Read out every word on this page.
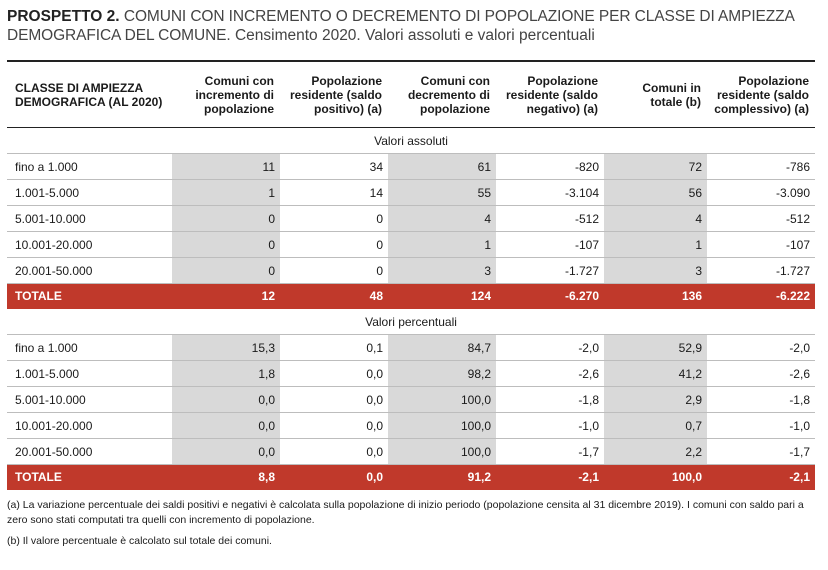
PROSPETTO 2. COMUNI CON INCREMENTO O DECREMENTO DI POPOLAZIONE PER CLASSE DI AMPIEZZA DEMOGRAFICA DEL COMUNE. Censimento 2020. Valori assoluti e valori percentuali
CLASSE DI AMPIEZZA DEMOGRAFICA (AL 2020)	Comuni con incremento di popolazione	Popolazione residente (saldo positivo) (a)	Comuni con decremento di popolazione	Popolazione residente (saldo negativo) (a)	Comuni in totale (b)	Popolazione residente (saldo complessivo) (a)
Valori assoluti						
fino a 1.000	11	34	61	-820	72	-786
1.001-5.000	1	14	55	-3.104	56	-3.090
5.001-10.000	0	0	4	-512	4	-512
10.001-20.000	0	0	1	-107	1	-107
20.001-50.000	0	0	3	-1.727	3	-1.727
TOTALE	12	48	124	-6.270	136	-6.222
Valori percentuali						
fino a 1.000	15,3	0,1	84,7	-2,0	52,9	-2,0
1.001-5.000	1,8	0,0	98,2	-2,6	41,2	-2,6
5.001-10.000	0,0	0,0	100,0	-1,8	2,9	-1,8
10.001-20.000	0,0	0,0	100,0	-1,0	0,7	-1,0
20.001-50.000	0,0	0,0	100,0	-1,7	2,2	-1,7
TOTALE	8,8	0,0	91,2	-2,1	100,0	-2,1

(a) La variazione percentuale dei saldi positivi e negativi è calcolata sulla popolazione di inizio periodo (popolazione censita al 31 dicembre 2019). I comuni con saldo pari a zero sono stati computati tra quelli con incremento di popolazione.

(b) Il valore percentuale è calcolato sul totale dei comuni.
